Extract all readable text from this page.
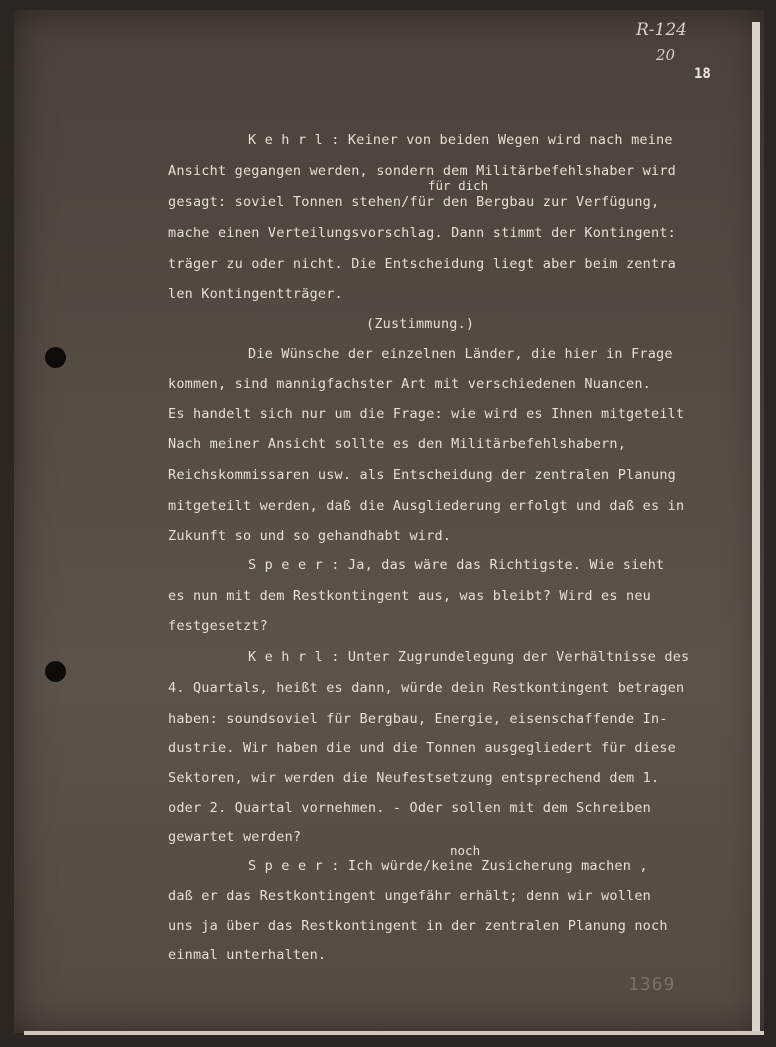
R-124
20
18
K e h r l : Keiner von beiden Wegen wird nach meine
Ansicht gegangen werden, sondern dem Militärbefehlshaber wird
für dich
gesagt: soviel Tonnen stehen/für den Bergbau zur Verfügung,
mache einen Verteilungsvorschlag. Dann stimmt der Kontingent:
träger zu oder nicht. Die Entscheidung liegt aber beim zentra
len Kontingentträger.
(Zustimmung.)
Die Wünsche der einzelnen Länder, die hier in Frage
kommen, sind mannigfachster Art mit verschiedenen Nuancen.
Es handelt sich nur um die Frage: wie wird es Ihnen mitgeteilt
Nach meiner Ansicht sollte es den Militärbefehlshabern,
Reichskommissaren usw. als Entscheidung der zentralen Planung
mitgeteilt werden, daß die Ausgliederung erfolgt und daß es in
Zukunft so und so gehandhabt wird.
S p e e r : Ja, das wäre das Richtigste. Wie sieht
es nun mit dem Restkontingent aus, was bleibt? Wird es neu
festgesetzt?
K e h r l : Unter Zugrundelegung der Verhältnisse des
4. Quartals, heißt es dann, würde dein Restkontingent betragen
haben: soundsoviel für Bergbau, Energie, eisenschaffende In-
dustrie. Wir haben die und die Tonnen ausgegliedert für diese
Sektoren, wir werden die Neufestsetzung entsprechend dem 1.
oder 2. Quartal vornehmen. - Oder sollen mit dem Schreiben
gewartet werden?
noch
S p e e r : Ich würde/keine Zusicherung machen ,
daß er das Restkontingent ungefähr erhält; denn wir wollen
uns ja über das Restkontingent in der zentralen Planung noch
einmal unterhalten.
1369
